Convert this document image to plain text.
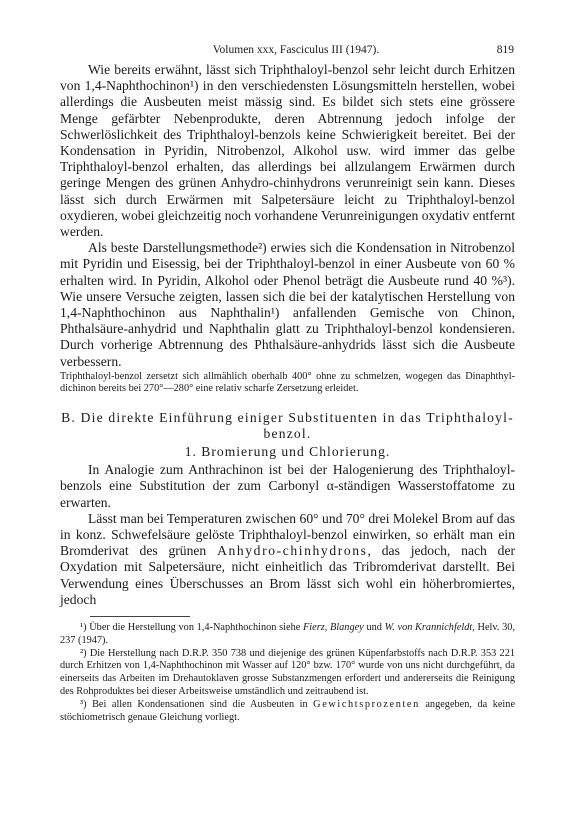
Volumen xxx, Fasciculus III (1947).	819

Wie bereits erwähnt, lässt sich Triphthaloyl-benzol sehr leicht durch Erhitzen von 1,4-Naphthochinon¹) in den verschiedensten Lösungsmitteln herstellen, wobei allerdings die Ausbeuten meist mässig sind. Es bildet sich stets eine grössere Menge gefärbter Nebenprodukte, deren Abtrennung jedoch infolge der Schwerlöslichkeit des Triphthaloyl-benzols keine Schwierigkeit bereitet. Bei der Kondensation in Pyridin, Nitrobenzol, Alkohol usw. wird immer das gelbe Triphthaloyl-benzol erhalten, das allerdings bei allzulangem Erwärmen durch geringe Mengen des grünen Anhydro-chinhydrons verunreinigt sein kann. Dieses lässt sich durch Erwärmen mit Salpetersäure leicht zu Triphthaloyl-benzol oxydieren, wobei gleichzeitig noch vorhandene Verunreinigungen oxydativ entfernt werden.

Als beste Darstellungsmethode²) erwies sich die Kondensation in Nitrobenzol mit Pyridin und Eisessig, bei der Triphthaloyl-benzol in einer Ausbeute von 60 % erhalten wird. In Pyridin, Alkohol oder Phenol beträgt die Ausbeute rund 40 %³). Wie unsere Versuche zeigten, lassen sich die bei der katalytischen Herstellung von 1,4-Naphthochinon aus Naphthalin¹) anfallenden Gemische von Chinon, Phthalsäure-anhydrid und Naphthalin glatt zu Triphthaloyl-benzol kondensieren. Durch vorherige Abtrennung des Phthalsäure-anhydrids lässt sich die Ausbeute verbessern.

Triphthaloyl-benzol zersetzt sich allmählich oberhalb 400° ohne zu schmelzen, wogegen das Dinaphthyl-dichinon bereits bei 270°—280° eine relativ scharfe Zersetzung erleidet.

B. Die direkte Einführung einiger Substituenten in das Triphthaloyl-benzol.

1. Bromierung und Chlorierung.

In Analogie zum Anthrachinon ist bei der Halogenierung des Triphthaloyl-benzols eine Substitution der zum Carbonyl α-ständigen Wasserstoffatome zu erwarten.

Lässt man bei Temperaturen zwischen 60° und 70° drei Molekel Brom auf das in konz. Schwefelsäure gelöste Triphthaloyl-benzol einwirken, so erhält man ein Bromderivat des grünen Anhydro-chinhydrons, das jedoch, nach der Oxydation mit Salpetersäure, nicht einheitlich das Tribromderivat darstellt. Bei Verwendung eines Überschusses an Brom lässt sich wohl ein höherbromiertes, jedoch

¹) Über die Herstellung von 1,4-Naphthochinon siehe Fierz, Blangey und W. von Krannichfeldt, Helv. 30, 237 (1947).

²) Die Herstellung nach D.R.P. 350 738 und diejenige des grünen Küpenfarbstoffs nach D.R.P. 353 221 durch Erhitzen von 1,4-Naphthochinon mit Wasser auf 120° bzw. 170° wurde von uns nicht durchgeführt, da einerseits das Arbeiten im Drehautoklaven grosse Substanzmengen erfordert und andererseits die Reinigung des Rohproduktes bei dieser Arbeitsweise umständlich und zeitraubend ist.

³) Bei allen Kondensationen sind die Ausbeuten in Gewichtsprozenten angegeben, da keine stöchiometrisch genaue Gleichung vorliegt.
